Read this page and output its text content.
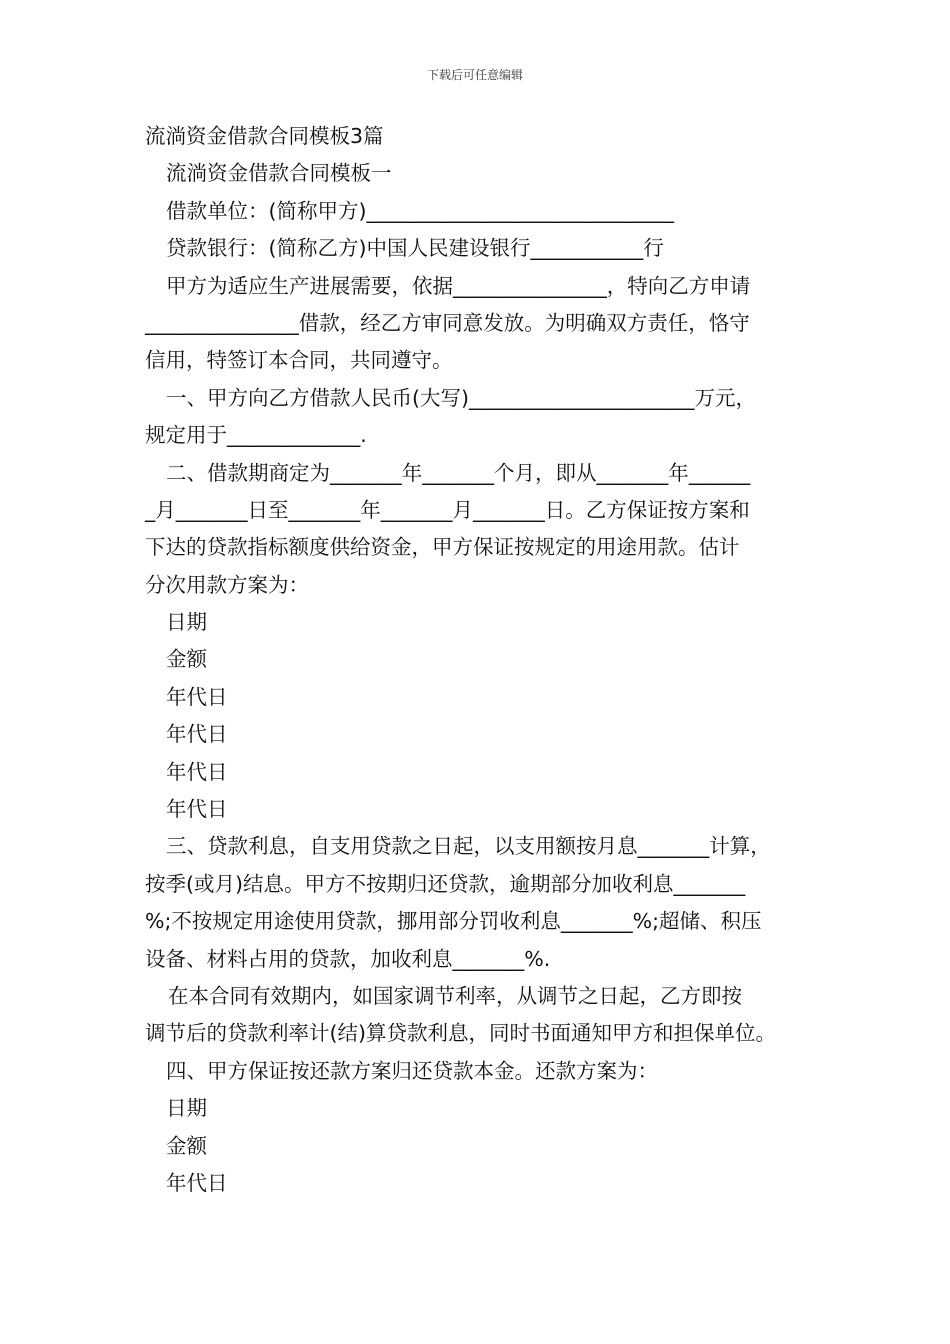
下载后可任意编辑

流淌资金借款合同模板3篇

流淌资金借款合同模板一

借款单位：(简称甲方)______________________________

贷款银行：(简称乙方)中国人民建设银行___________行

甲方为适应生产进展需要，依据_______________，特向乙方申请

_______________借款，经乙方审同意发放。为明确双方责任，恪守

信用，特签订本合同，共同遵守。

一、甲方向乙方借款人民币(大写)______________________万元，

规定用于_____________.

二、借款期商定为_______年_______个月，即从_______年______

_月_______日至_______年_______月_______日。乙方保证按方案和

下达的贷款指标额度供给资金，甲方保证按规定的用途用款。估计

分次用款方案为：

日期

金额

年代日

年代日

年代日

年代日

三、贷款利息，自支用贷款之日起，以支用额按月息_______计算，

按季(或月)结息。甲方不按期归还贷款，逾期部分加收利息_______

%;不按规定用途使用贷款，挪用部分罚收利息_______%;超储、积压

设备、材料占用的贷款，加收利息_______%.

在本合同有效期内，如国家调节利率，从调节之日起，乙方即按

调节后的贷款利率计(结)算贷款利息，同时书面通知甲方和担保单位。

四、甲方保证按还款方案归还贷款本金。还款方案为：

日期

金额

年代日
